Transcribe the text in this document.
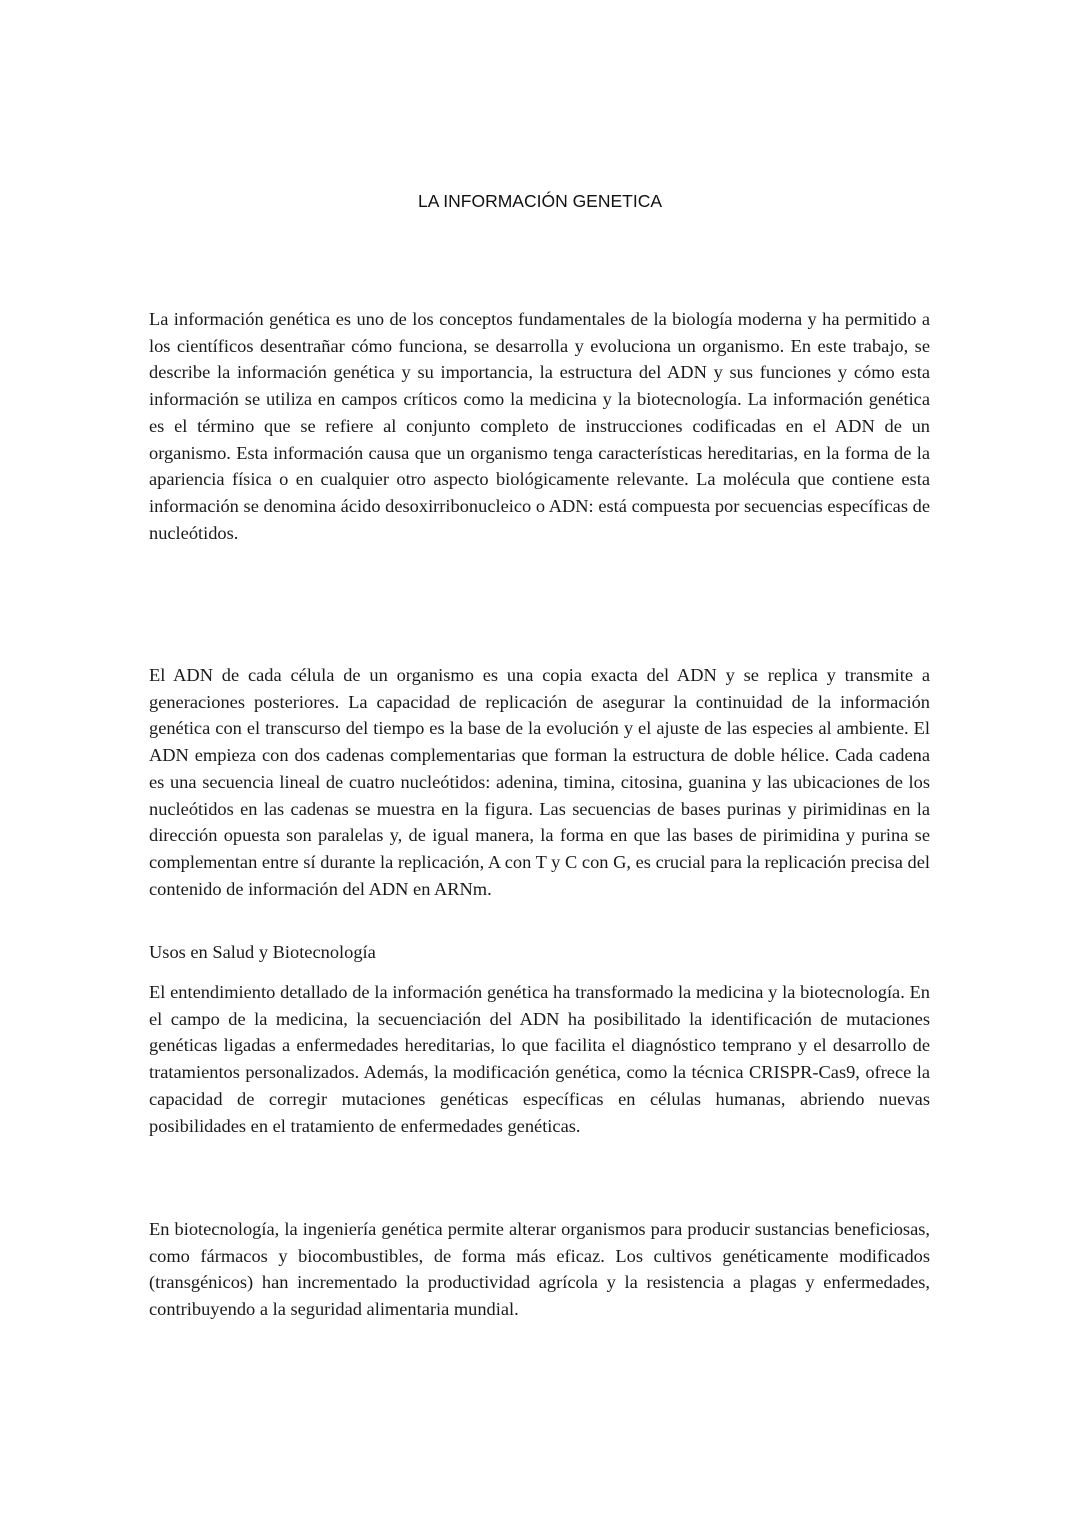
LA INFORMACIÓN GENETICA

La información genética es uno de los conceptos fundamentales de la biología moderna y ha permitido a los científicos desentrañar cómo funciona, se desarrolla y evoluciona un organismo. En este trabajo, se describe la información genética y su importancia, la estructura del ADN y sus funciones y cómo esta información se utiliza en campos críticos como la medicina y la biotecnología. La información genética es el término que se refiere al conjunto completo de instrucciones codificadas en el ADN de un organismo. Esta información causa que un organismo tenga características hereditarias, en la forma de la apariencia física o en cualquier otro aspecto biológicamente relevante. La molécula que contiene esta información se denomina ácido desoxirribonucleico o ADN: está compuesta por secuencias específicas de nucleótidos.

El ADN de cada célula de un organismo es una copia exacta del ADN y se replica y transmite a generaciones posteriores. La capacidad de replicación de asegurar la continuidad de la información genética con el transcurso del tiempo es la base de la evolución y el ajuste de las especies al ambiente. El ADN empieza con dos cadenas complementarias que forman la estructura de doble hélice. Cada cadena es una secuencia lineal de cuatro nucleótidos: adenina, timina, citosina, guanina y las ubicaciones de los nucleótidos en las cadenas se muestra en la figura. Las secuencias de bases purinas y pirimidinas en la dirección opuesta son paralelas y, de igual manera, la forma en que las bases de pirimidina y purina se complementan entre sí durante la replicación, A con T y C con G, es crucial para la replicación precisa del contenido de información del ADN en ARNm.

Usos en Salud y Biotecnología

El entendimiento detallado de la información genética ha transformado la medicina y la biotecnología. En el campo de la medicina, la secuenciación del ADN ha posibilitado la identificación de mutaciones genéticas ligadas a enfermedades hereditarias, lo que facilita el diagnóstico temprano y el desarrollo de tratamientos personalizados. Además, la modificación genética, como la técnica CRISPR-Cas9, ofrece la capacidad de corregir mutaciones genéticas específicas en células humanas, abriendo nuevas posibilidades en el tratamiento de enfermedades genéticas.

En biotecnología, la ingeniería genética permite alterar organismos para producir sustancias beneficiosas, como fármacos y biocombustibles, de forma más eficaz. Los cultivos genéticamente modificados (transgénicos) han incrementado la productividad agrícola y la resistencia a plagas y enfermedades, contribuyendo a la seguridad alimentaria mundial.
